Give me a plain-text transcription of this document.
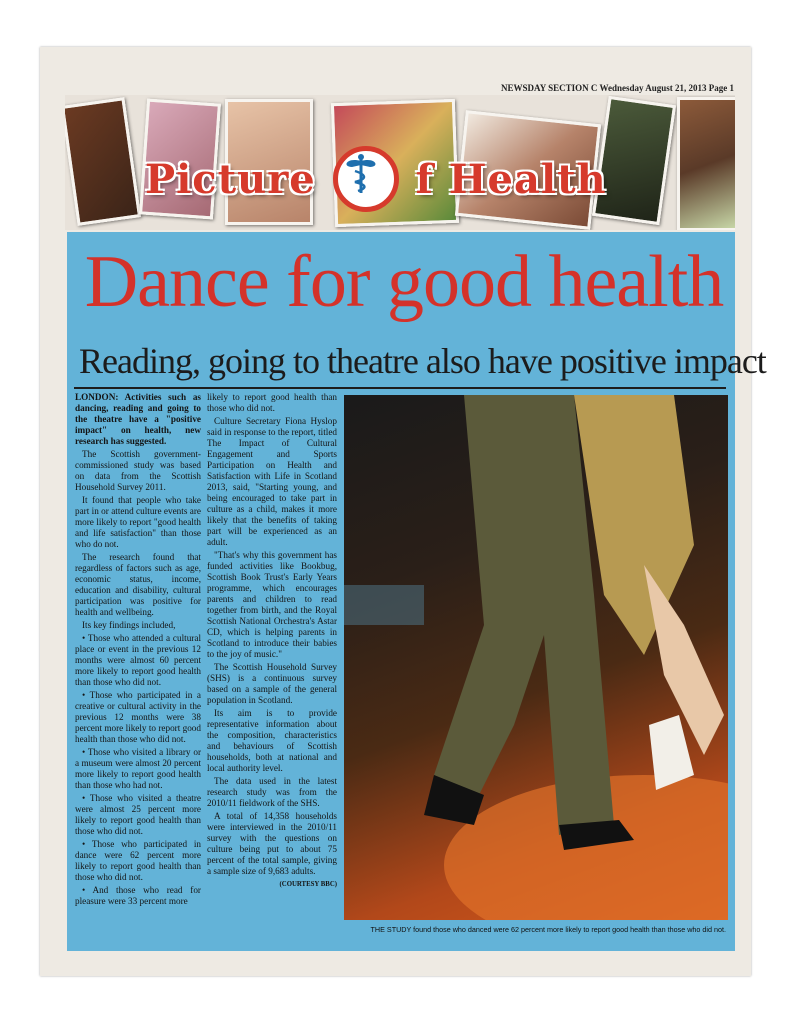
NEWSDAY SECTION C Wednesday August 21, 2013 Page 1
Picture f Health
Dance for good health
Reading, going to theatre also have positive impact

LONDON: Activities such as dancing, reading and going to the theatre have a "positive impact" on health, new research has suggested.

The Scottish government-commissioned study was based on data from the Scottish Household Survey 2011.

It found that people who take part in or attend culture events are more likely to report "good health and life satisfaction" than those who do not.

The research found that regardless of factors such as age, economic status, income, education and disability, cultural participation was positive for health and wellbeing.

Its key findings included,

• Those who attended a cultural place or event in the previous 12 months were almost 60 percent more likely to report good health than those who did not.

• Those who participated in a creative or cultural activity in the previous 12 months were 38 percent more likely to report good health than those who did not.

• Those who visited a library or a museum were almost 20 percent more likely to report good health than those who had not.

• Those who visited a theatre were almost 25 percent more likely to report good health than those who did not.

• Those who participated in dance were 62 percent more likely to report good health than those who did not.

• And those who read for pleasure were 33 percent more

likely to report good health than those who did not.

Culture Secretary Fiona Hyslop said in response to the report, titled The Impact of Cultural Engagement and Sports Participation on Health and Satisfaction with Life in Scotland 2013, said, "Starting young, and being encouraged to take part in culture as a child, makes it more likely that the benefits of taking part will be experienced as an adult.

"That's why this government has funded activities like Bookbug, Scottish Book Trust's Early Years programme, which encourages parents and children to read together from birth, and the Royal Scottish National Orchestra's Astar CD, which is helping parents in Scotland to introduce their babies to the joy of music."

The Scottish Household Survey (SHS) is a continuous survey based on a sample of the general population in Scotland.

Its aim is to provide representative information about the composition, characteristics and behaviours of Scottish households, both at national and local authority level.

The data used in the latest research study was from the 2010/11 fieldwork of the SHS.

A total of 14,358 households were interviewed in the 2010/11 survey with the questions on culture being put to about 75 percent of the total sample, giving a sample size of 9,683 adults.

(COURTESY BBC)

THE STUDY found those who danced were 62 percent more likely to report good health than those who did not.
